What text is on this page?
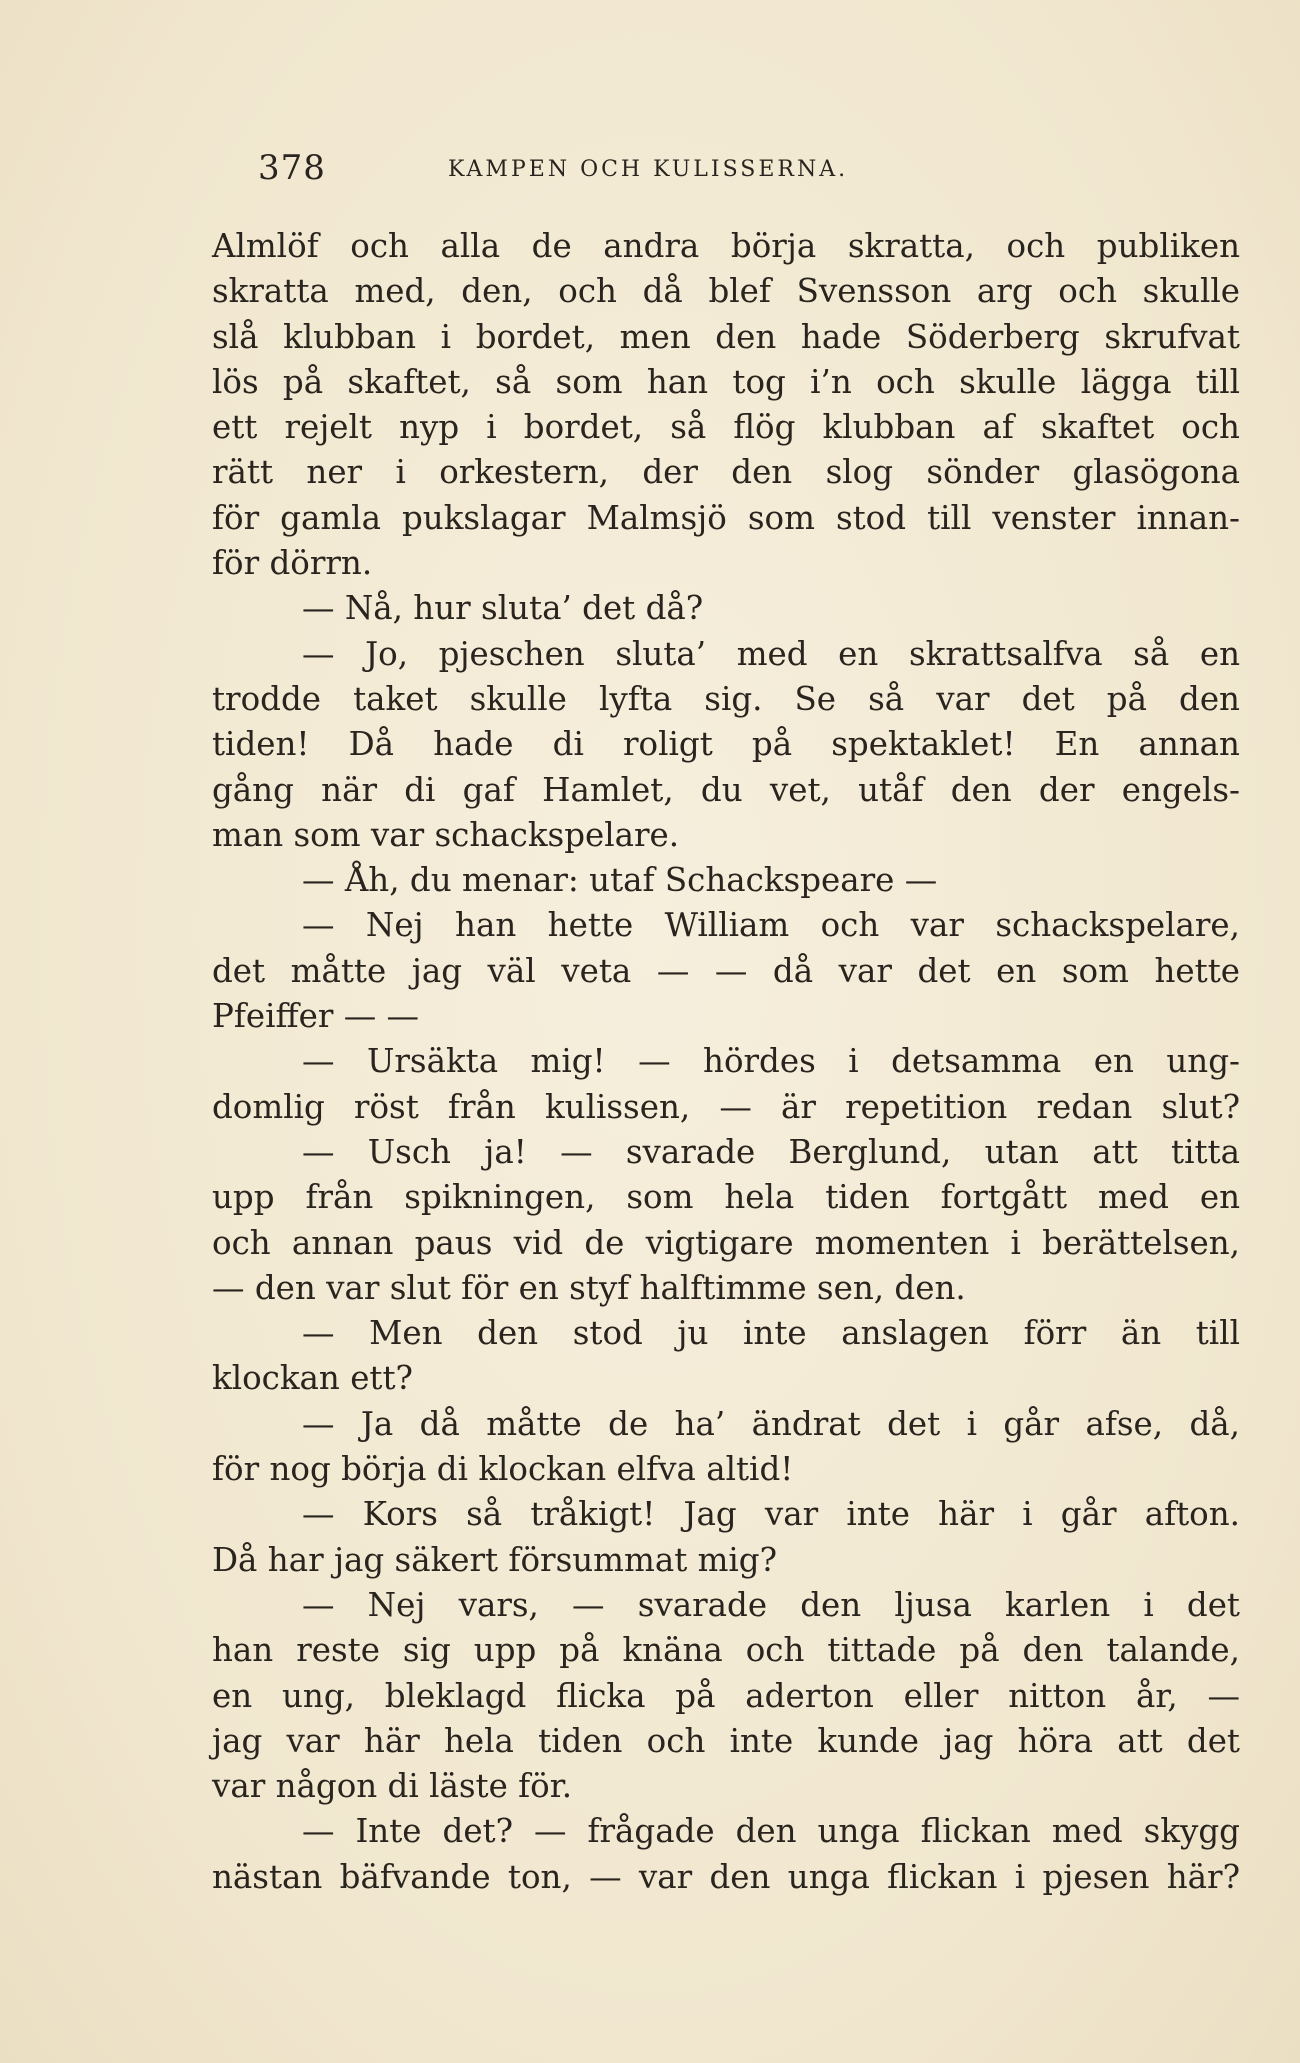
378	KAMPEN OCH KULISSERNA.
Almlöf och alla de andra börja skratta, och publiken
skratta med, den, och då blef Svensson arg och skulle
slå klubban i bordet, men den hade Söderberg skrufvat
lös på skaftet, så som han tog i’n och skulle lägga till
ett rejelt nyp i bordet, så flög klubban af skaftet och
rätt ner i orkestern, der den slog sönder glasögona
för gamla pukslagar Malmsjö som stod till venster innan-
för dörrn.
— Nå, hur sluta’ det då?
— Jo, pjeschen sluta’ med en skrattsalfva så en
trodde taket skulle lyfta sig. Se så var det på den
tiden! Då hade di roligt på spektaklet! En annan
gång när di gaf Hamlet, du vet, utåf den der engels-
man som var schackspelare.
— Åh, du menar: utaf Schackspeare —
— Nej han hette William och var schackspelare,
det måtte jag väl veta — — då var det en som hette
Pfeiffer — —
— Ursäkta mig! — hördes i detsamma en ung-
domlig röst från kulissen, — är repetition redan slut?
— Usch ja! — svarade Berglund, utan att titta
upp från spikningen, som hela tiden fortgått med en
och annan paus vid de vigtigare momenten i berättelsen,
— den var slut för en styf halftimme sen, den.
— Men den stod ju inte anslagen förr än till
klockan ett?
— Ja då måtte de ha’ ändrat det i går afse, då,
för nog börja di klockan elfva altid!
— Kors så tråkigt! Jag var inte här i går afton.
Då har jag säkert försummat mig?
— Nej vars, — svarade den ljusa karlen i det
han reste sig upp på knäna och tittade på den talande,
en ung, bleklagd flicka på aderton eller nitton år, —
jag var här hela tiden och inte kunde jag höra att det
var någon di läste för.
— Inte det? — frågade den unga flickan med skygg
nästan bäfvande ton, — var den unga flickan i pjesen här?
